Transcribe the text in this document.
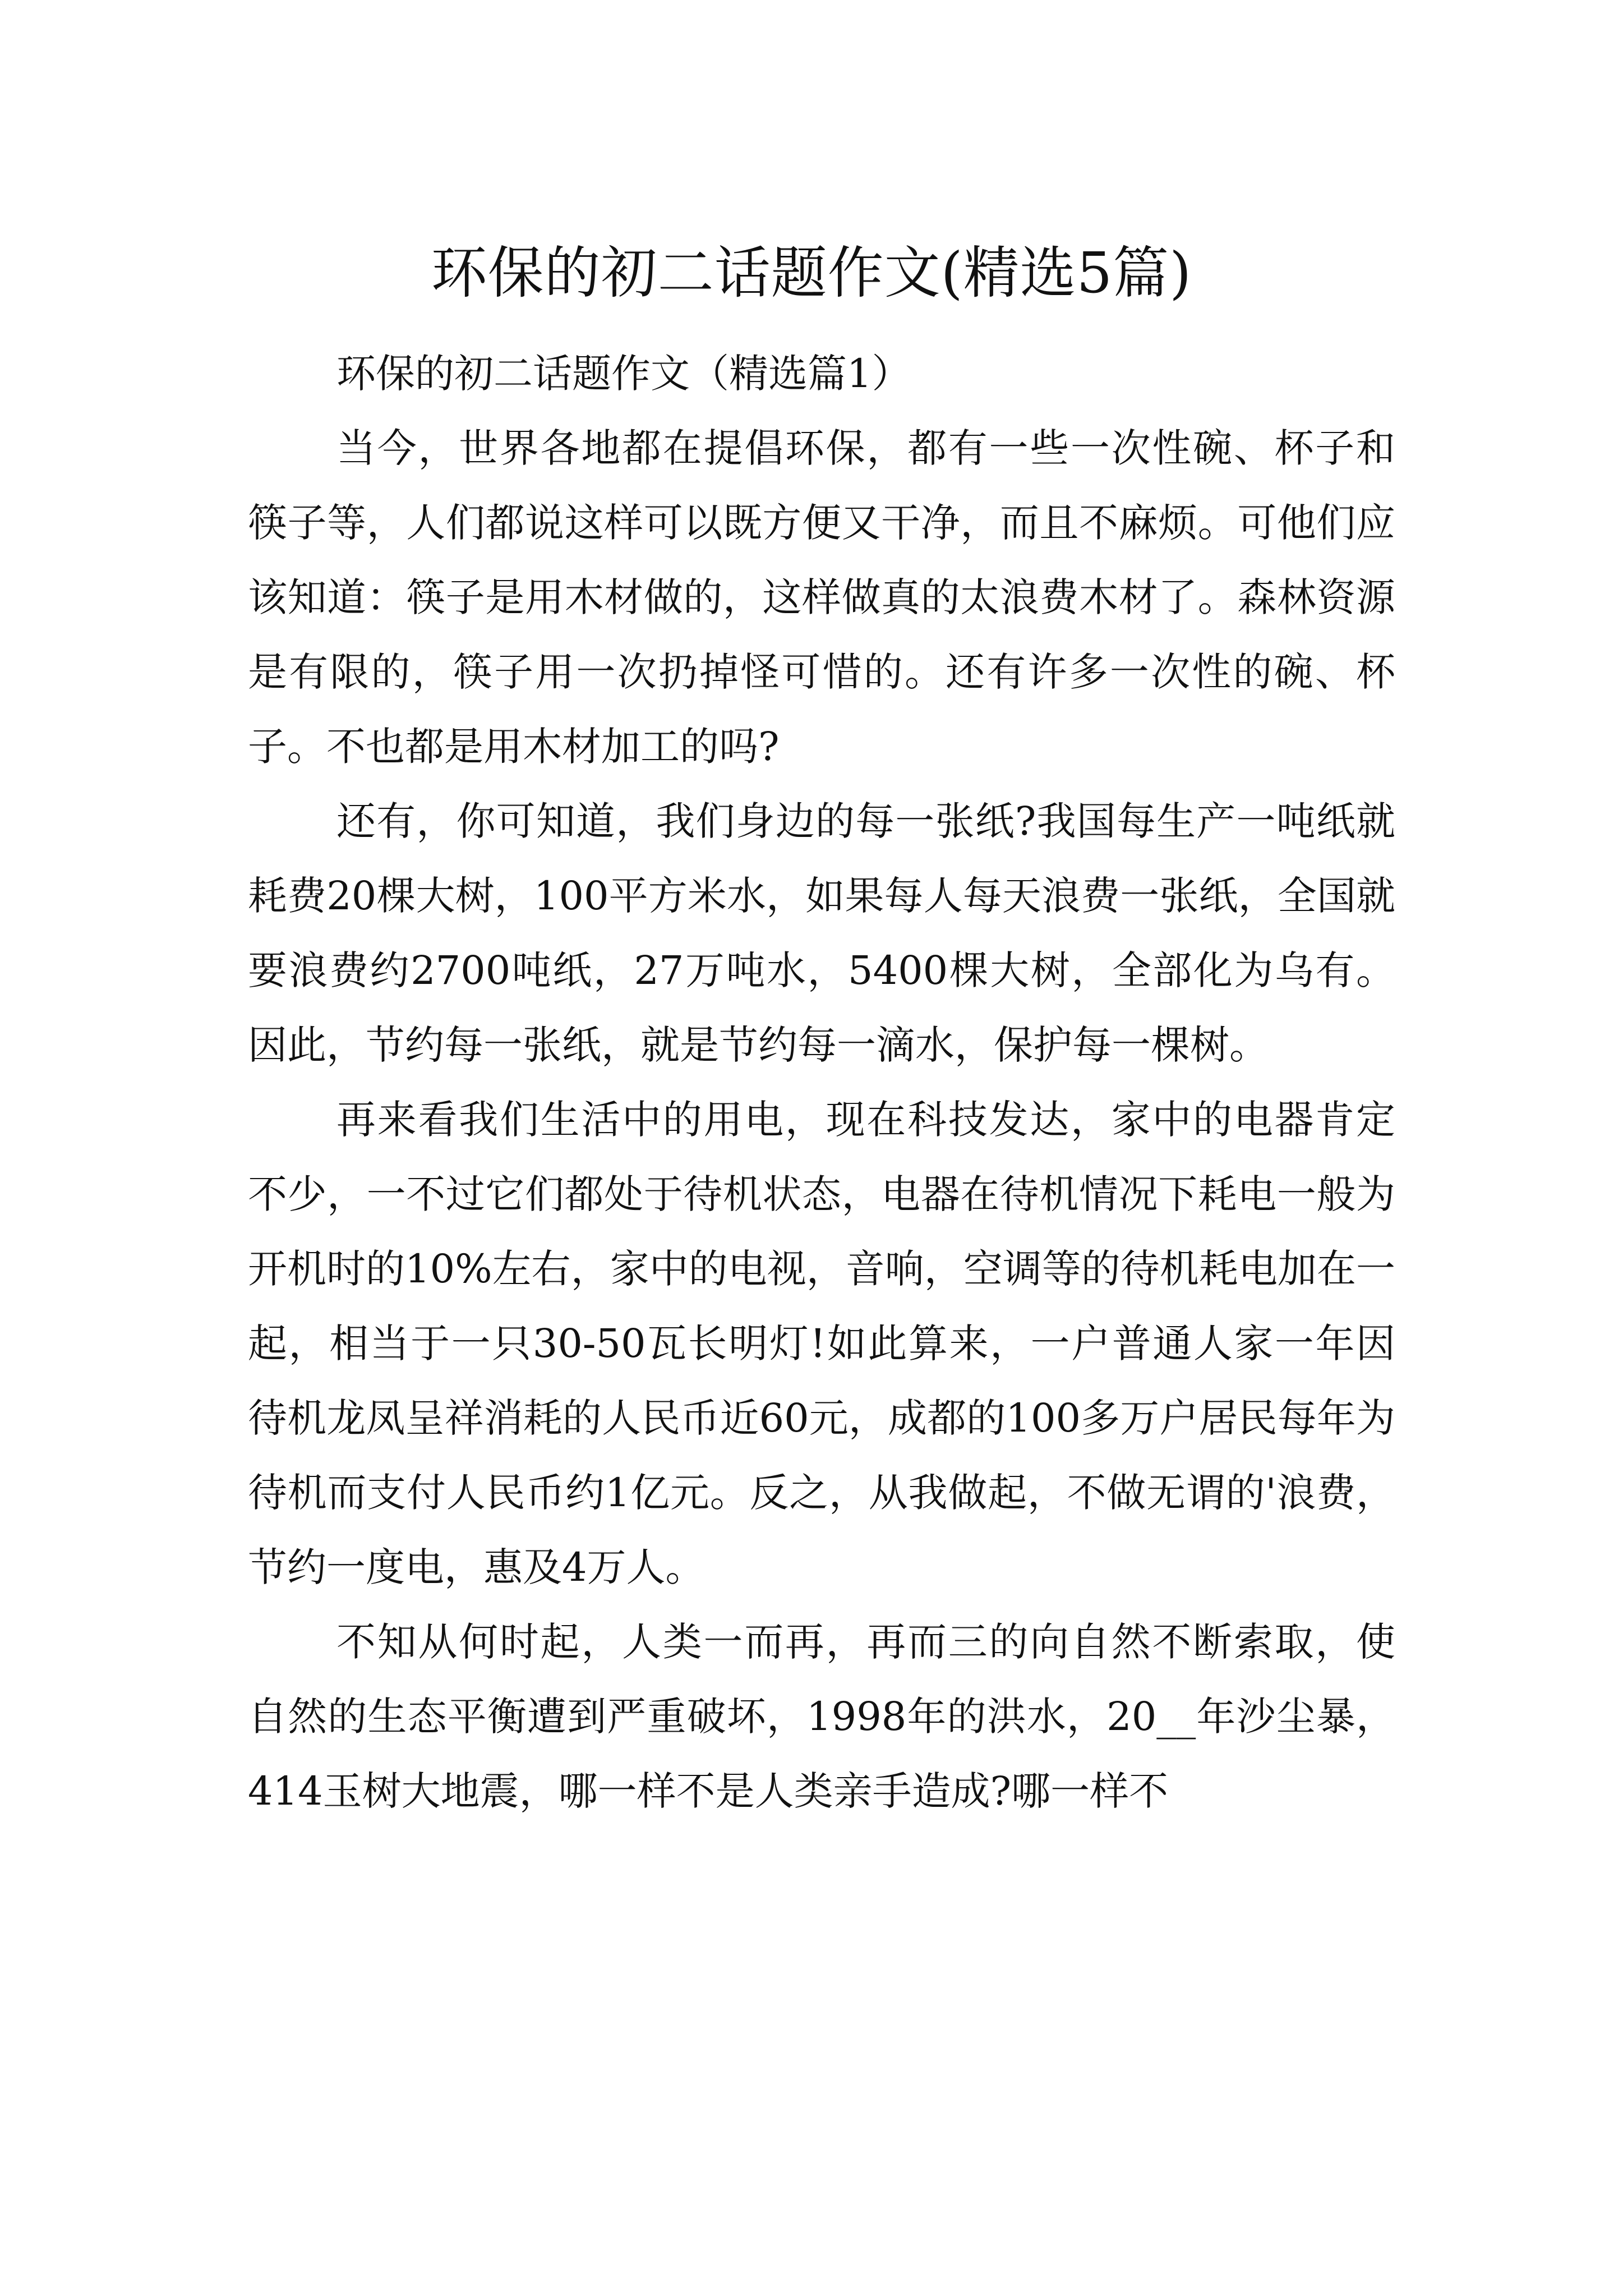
环保的初二话题作文(精选5篇)

环保的初二话题作文（精选篇1）

当今，世界各地都在提倡环保，都有一些一次性碗、杯子和筷子等，人们都说这样可以既方便又干净，而且不麻烦。可他们应该知道：筷子是用木材做的，这样做真的太浪费木材了。森林资源是有限的，筷子用一次扔掉怪可惜的。还有许多一次性的碗、杯子。不也都是用木材加工的吗?

还有，你可知道，我们身边的每一张纸?我国每生产一吨纸就耗费20棵大树，100平方米水，如果每人每天浪费一张纸，全国就要浪费约2700吨纸，27万吨水，5400棵大树，全部化为乌有。因此，节约每一张纸，就是节约每一滴水，保护每一棵树。

再来看我们生活中的用电，现在科技发达，家中的电器肯定不少，一不过它们都处于待机状态，电器在待机情况下耗电一般为开机时的10%左右，家中的电视，音响，空调等的待机耗电加在一起，相当于一只30-50瓦长明灯!如此算来，一户普通人家一年因待机龙凤呈祥消耗的人民币近60元，成都的100多万户居民每年为待机而支付人民币约1亿元。反之，从我做起，不做无谓的'浪费，节约一度电，惠及4万人。

不知从何时起，人类一而再，再而三的向自然不断索取，使自然的生态平衡遭到严重破坏，1998年的洪水，20__年沙尘暴，414玉树大地震，哪一样不是人类亲手造成?哪一样不
